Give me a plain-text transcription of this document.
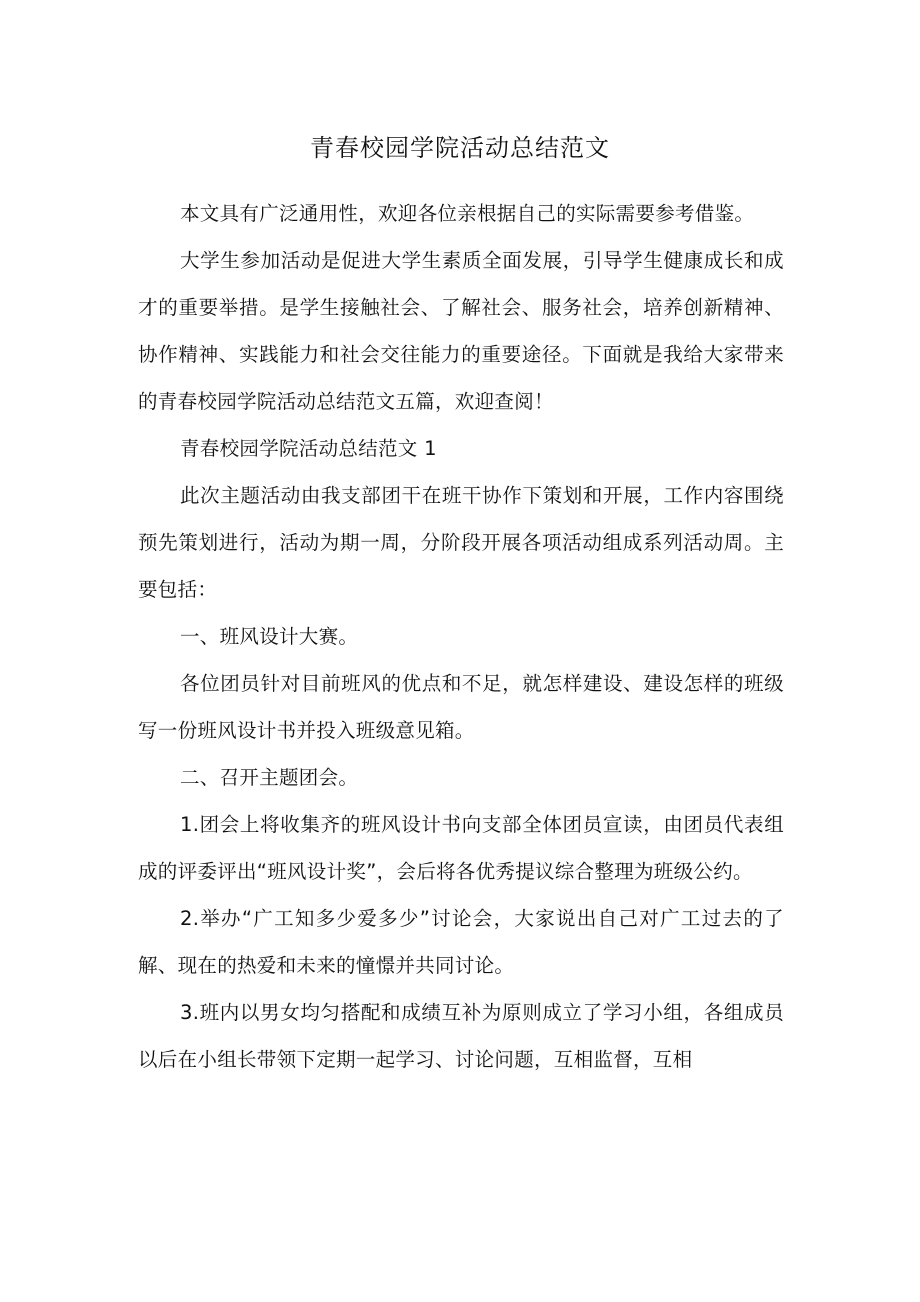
青春校园学院活动总结范文

本文具有广泛通用性，欢迎各位亲根据自己的实际需要参考借鉴。

大学生参加活动是促进大学生素质全面发展，引导学生健康成长和成才的重要举措。是学生接触社会、了解社会、服务社会，培养创新精神、协作精神、实践能力和社会交往能力的重要途径。下面就是我给大家带来的青春校园学院活动总结范文五篇，欢迎查阅！

青春校园学院活动总结范文 1

此次主题活动由我支部团干在班干协作下策划和开展，工作内容围绕预先策划进行，活动为期一周，分阶段开展各项活动组成系列活动周。主要包括：

一、班风设计大赛。

各位团员针对目前班风的优点和不足，就怎样建设、建设怎样的班级写一份班风设计书并投入班级意见箱。

二、召开主题团会。

1.团会上将收集齐的班风设计书向支部全体团员宣读，由团员代表组成的评委评出“班风设计奖”，会后将各优秀提议综合整理为班级公约。

2.举办“广工知多少爱多少”讨论会，大家说出自己对广工过去的了解、现在的热爱和未来的憧憬并共同讨论。

3.班内以男女均匀搭配和成绩互补为原则成立了学习小组，各组成员以后在小组长带领下定期一起学习、讨论问题，互相监督，互相
